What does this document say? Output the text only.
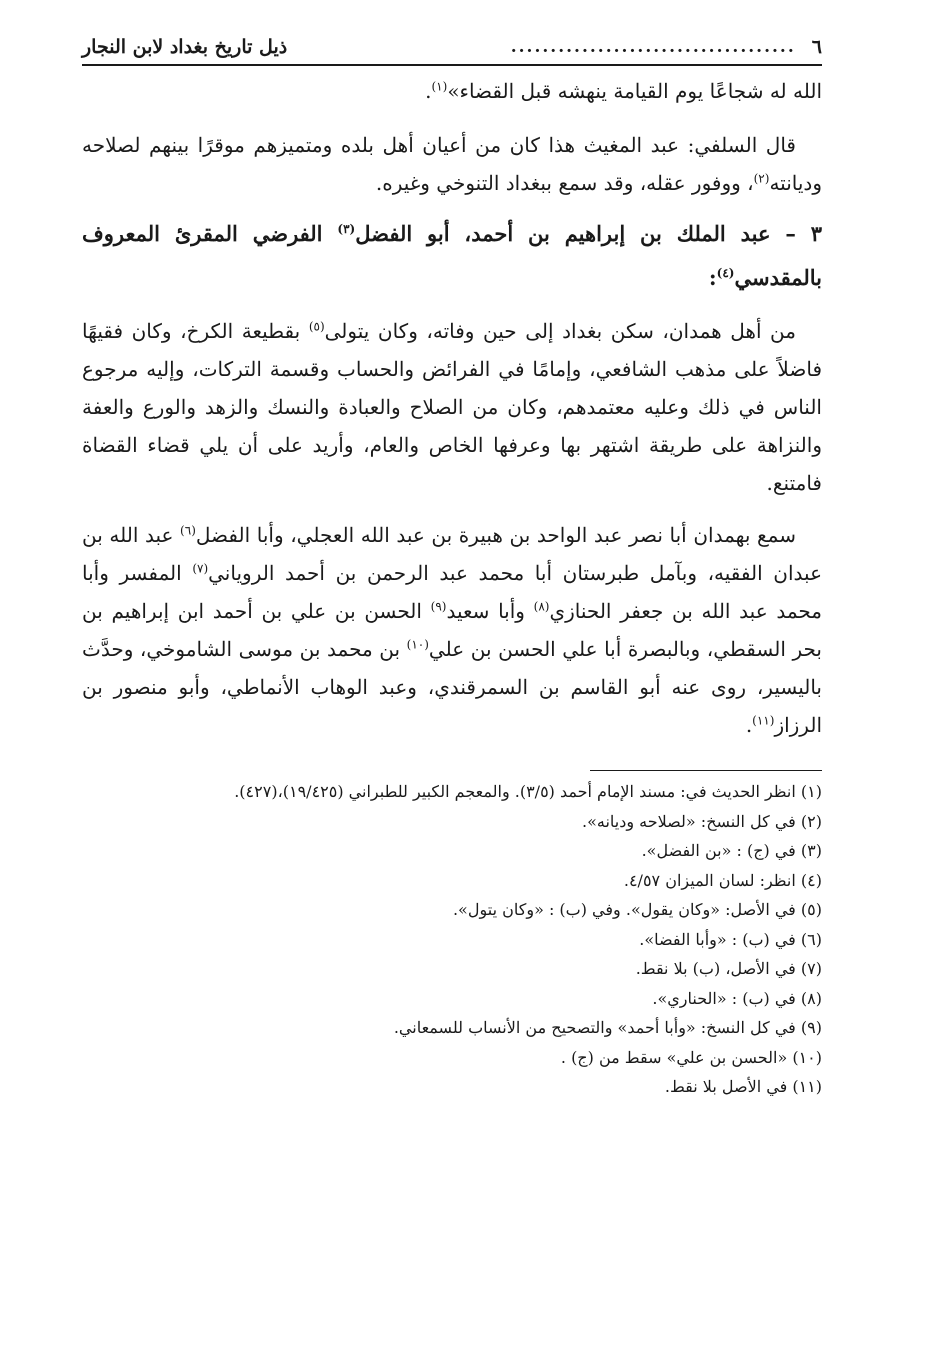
٦
....................................
ذيل تاريخ بغداد لابن النجار

الله له شجاعًا يوم القيامة ينهشه قبل القضاء»$^{(١)}$.

قال السلفي: عبد المغيث هذا كان من أعيان أهل بلده ومتميزهم موقرًا بينهم لصلاحه وديانته$^{(٢)}$، ووفور عقله، وقد سمع ببغداد التنوخي وغيره.

٣ – عبد الملك بن إبراهيم بن أحمد، أبو الفضل$^{(٣)}$ الفرضي المقرئ المعروف بالمقدسي$^{(٤)}$:

من أهل همدان، سكن بغداد إلى حين وفاته، وكان يتولى$^{(٥)}$ بقطيعة الكرخ، وكان فقيهًا فاضلاً على مذهب الشافعي، وإمامًا في الفرائض والحساب وقسمة التركات، وإليه مرجوع الناس في ذلك وعليه معتمدهم، وكان من الصلاح والعبادة والنسك والزهد والورع والعفة والنزاهة على طريقة اشتهر بها وعرفها الخاص والعام، وأريد على أن يلي قضاء القضاة فامتنع.

سمع بهمدان أبا نصر عبد الواحد بن هبيرة بن عبد الله العجلي، وأبا الفضل$^{(٦)}$ عبد الله بن عبدان الفقيه، وبآمل طبرستان أبا محمد عبد الرحمن بن أحمد الروياني$^{(٧)}$ المفسر وأبا محمد عبد الله بن جعفر الحنازي$^{(٨)}$ وأبا سعيد$^{(٩)}$ الحسن بن علي بن أحمد ابن إبراهيم بن بحر السقطي، وبالبصرة أبا علي الحسن بن علي$^{(١٠)}$ بن محمد بن موسى الشاموخي، وحدَّث باليسير، روى عنه أبو القاسم بن السمرقندي، وعبد الوهاب الأنماطي، وأبو منصور بن الرزاز$^{(١١)}$.

(١) انظر الحديث في: مسند الإمام أحمد (٣/٥). والمعجم الكبير للطبراني (١٩/٤٢٥)،(٤٢٧).
(٢) في كل النسخ: «لصلاحه وديانه».
(٣) في (ج) : «بن الفضل».
(٤) انظر: لسان الميزان ٤/٥٧.
(٥) في الأصل: «وكان يقول». وفي (ب) : «وكان يتول».
(٦) في (ب) : «وأبا الفضا».
(٧) في الأصل، (ب) بلا نقط.
(٨) في (ب) : «الحناري».
(٩) في كل النسخ: «وأبا أحمد» والتصحيح من الأنساب للسمعاني.
(١٠) «الحسن بن علي» سقط من (ج) .
(١١) في الأصل بلا نقط.
